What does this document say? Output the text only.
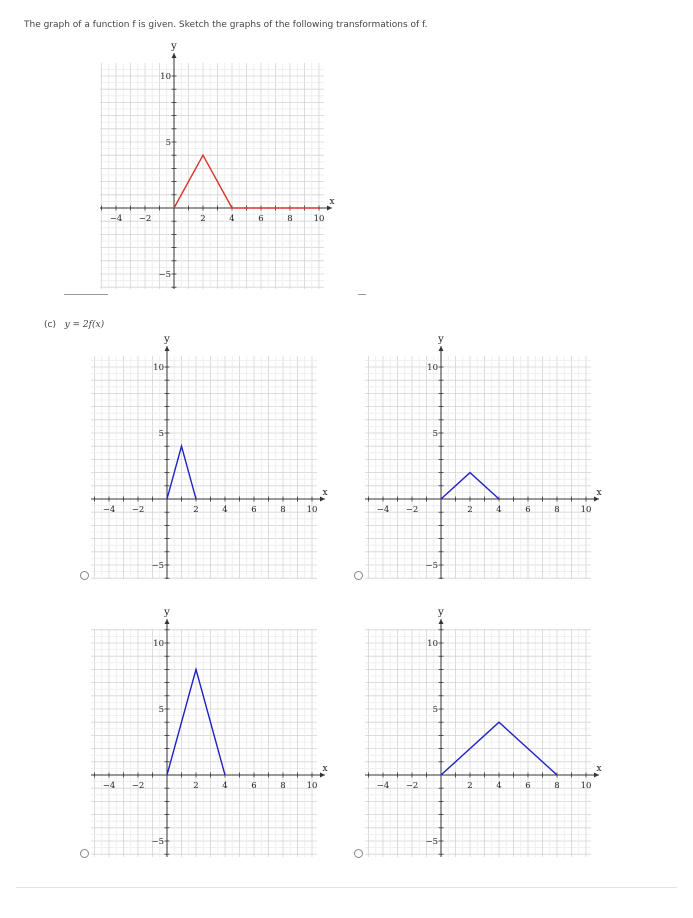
The graph of a function f is given. Sketch the graphs of the following transformations of f.
(c) y = 2f(x)
x
y
−4 −2	2	4	6	8 10
10
5
−5
x
y
−4 −2	2	4	6	8 10
10
5
−5
x
y
−4 −2	2	4	6	8 10
10
5
−5
x
y
−4 −2	2	4	6	8 10
10
5
−5
x
y
−4 −2	2	4	6	8 10
10
5
−5
